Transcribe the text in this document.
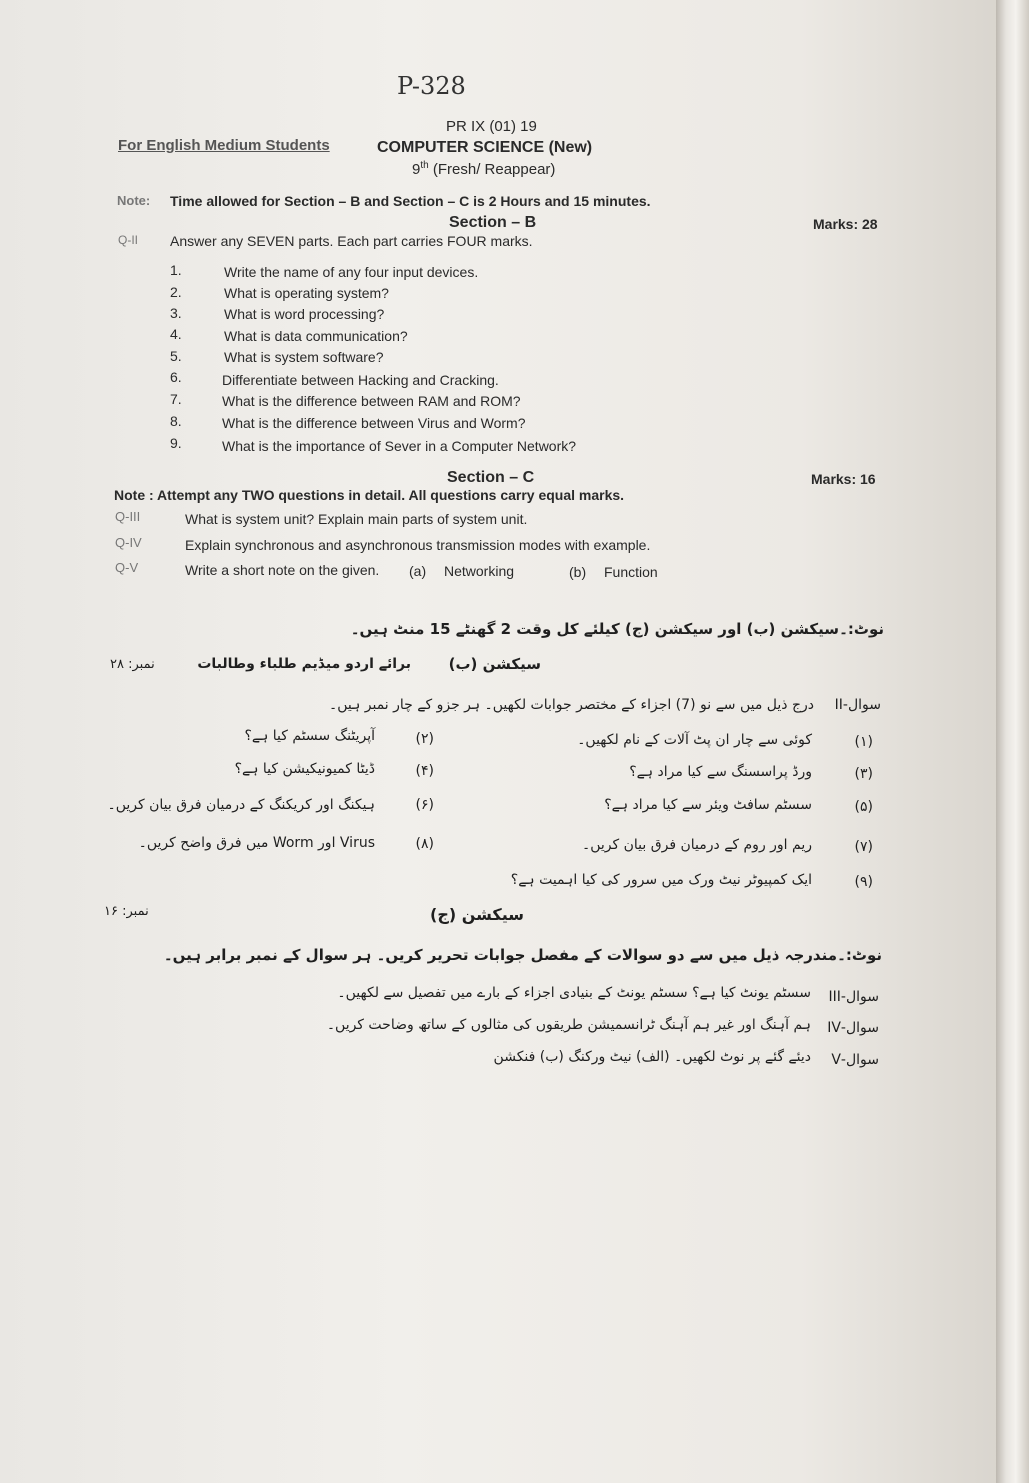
P-328
PR IX (01) 19
For English Medium Students	COMPUTER SCIENCE (New)
9th (Fresh/ Reappear)
Note: Time allowed for Section – B and Section – C is 2 Hours and 15 minutes.
Section – B	Marks: 28
Q-II Answer any SEVEN parts. Each part carries FOUR marks.
1.	Write the name of any four input devices.
2.	What is operating system?
3.	What is word processing?
4.	What is data communication?
5.	What is system software?
6.	Differentiate between Hacking and Cracking.
7.	What is the difference between RAM and ROM?
8.	What is the difference between Virus and Worm?
9.	What is the importance of Sever in a Computer Network?
Section – C	Marks: 16
Note : Attempt any TWO questions in detail. All questions carry equal marks.
Q-III	What is system unit? Explain main parts of system unit.
Q-IV	Explain synchronous and asynchronous transmission modes with example.
Q-V	Write a short note on the given. (a) Networking	(b) Function
نوٹ:۔
سیکشن (ب) اور سیکشن (ج) کیلئے کل وقت 2 گھنٹے 15 منٹ ہیں۔
سیکشن (ب)
برائے اردو میڈیم طلباء وطالبات
نمبر: ۲۸
سوال-II
درج ذیل میں سے نو (7) اجزاء کے مختصر جوابات لکھیں۔ ہر جزو کے چار نمبر ہیں۔
(۱)
کوئی سے چار ان پٹ آلات کے نام لکھیں۔
(۳)
ورڈ پراسسنگ سے کیا مراد ہے؟
(۵)
سسٹم سافٹ ویئر سے کیا مراد ہے؟
(۷)
ریم اور روم کے درمیان فرق بیان کریں۔
(۹)
ایک کمپیوٹر نیٹ ورک میں سرور کی کیا اہمیت ہے؟
(۲)
آپریٹنگ سسٹم کیا ہے؟
(۴)
ڈیٹا کمیونیکیشن کیا ہے؟
(۶)
ہیکنگ اور کریکنگ کے درمیان فرق بیان کریں۔
(۸)
Virus اور Worm میں فرق واضح کریں۔
سیکشن (ج)
نمبر: ۱۶
نوٹ:۔
مندرجہ ذیل میں سے دو سوالات کے مفصل جوابات تحریر کریں۔ ہر سوال کے نمبر برابر ہیں۔
سوال-III
سسٹم یونٹ کیا ہے؟ سسٹم یونٹ کے بنیادی اجزاء کے بارے میں تفصیل سے لکھیں۔
سوال-IV
ہم آہنگ اور غیر ہم آہنگ ٹرانسمیشن طریقوں کی مثالوں کے ساتھ وضاحت کریں۔
سوال-V
دیئے گئے پر نوٹ لکھیں۔ (الف) نیٹ ورکنگ (ب) فنکشن
